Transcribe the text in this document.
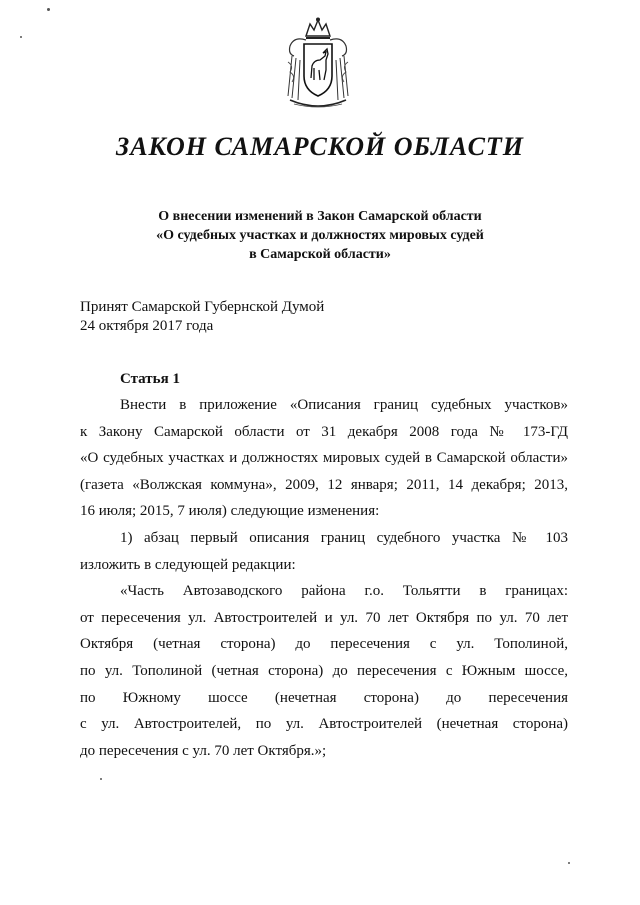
ЗАКОН САМАРСКОЙ ОБЛАСТИ
О внесении изменений в Закон Самарской области
«О судебных участках и должностях мировых судей
в Самарской области»
Принят Самарской Губернской Думой
24 октября 2017 года
Статья 1
Внести в приложение «Описания границ судебных участков»
к Закону Самарской области от 31 декабря 2008 года № 173-ГД
«О судебных участках и должностях мировых судей в Самарской области»
(газета «Волжская коммуна», 2009, 12 января; 2011, 14 декабря; 2013,
16 июля; 2015, 7 июля) следующие изменения:
1) абзац первый описания границ судебного участка № 103
изложить в следующей редакции:
«Часть Автозаводского района г.о. Тольятти в границах:
от пересечения ул. Автостроителей и ул. 70 лет Октября по ул. 70 лет
Октября (четная сторона) до пересечения с ул. Тополиной,
по ул. Тополиной (четная сторона) до пересечения с Южным шоссе,
по Южному шоссе (нечетная сторона) до пересечения
с ул. Автостроителей, по ул. Автостроителей (нечетная сторона)
до пересечения с ул. 70 лет Октября.»;
